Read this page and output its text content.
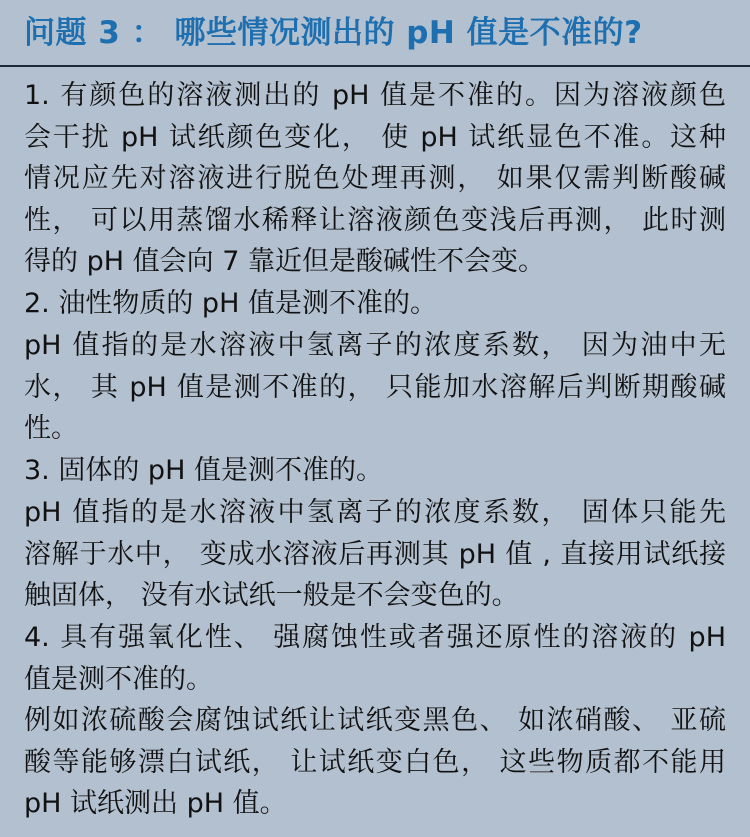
问题 3 ： 哪些情况测出的 pH 值是不准的?

1. 有颜色的溶液测出的 pH 值是不准的。因为溶液颜色
会干扰 pH 试纸颜色变化， 使 pH 试纸显色不准。这种
情况应先对溶液进行脱色处理再测， 如果仅需判断酸碱
性， 可以用蒸馏水稀释让溶液颜色变浅后再测， 此时测
得的 pH 值会向 7 靠近但是酸碱性不会变。

2. 油性物质的 pH 值是测不准的。

pH 值指的是水溶液中氢离子的浓度系数， 因为油中无
水， 其 pH 值是测不准的， 只能加水溶解后判断期酸碱
性。

3. 固体的 pH 值是测不准的。

pH 值指的是水溶液中氢离子的浓度系数， 固体只能先
溶解于水中， 变成水溶液后再测其 pH 值 , 直接用试纸接
触固体， 没有水试纸一般是不会变色的。

4. 具有强氧化性、 强腐蚀性或者强还原性的溶液的 pH
值是测不准的。

例如浓硫酸会腐蚀试纸让试纸变黑色、 如浓硝酸、 亚硫
酸等能够漂白试纸， 让试纸变白色， 这些物质都不能用
pH 试纸测出 pH 值。
